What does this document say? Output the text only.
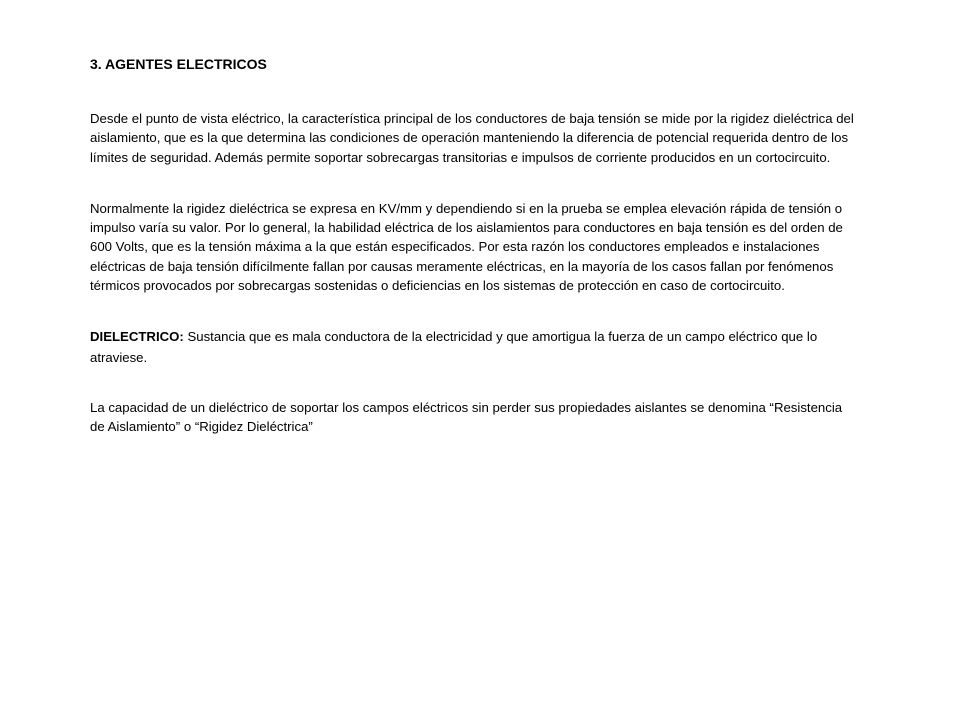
3. AGENTES ELECTRICOS

Desde el punto de vista eléctrico, la característica principal de los conductores de baja tensión se mide por la rigidez dieléctrica del aislamiento, que es la que determina las condiciones de operación manteniendo la diferencia de potencial requerida dentro de los límites de seguridad. Además permite soportar sobrecargas transitorias e impulsos de corriente producidos en un cortocircuito.

Normalmente la rigidez dieléctrica se expresa en KV/mm y dependiendo si en la prueba se emplea elevación rápida de tensión o impulso varía su valor. Por lo general, la habilidad eléctrica de los aislamientos para conductores en baja tensión es del orden de 600 Volts, que es la tensión máxima a la que están especificados. Por esta razón los conductores empleados e instalaciones eléctricas de baja tensión difícilmente fallan por causas meramente eléctricas, en la mayoría de los casos fallan por fenómenos térmicos provocados por sobrecargas sostenidas o deficiencias en los sistemas de protección en caso de cortocircuito.

DIELECTRICO: Sustancia que es mala conductora de la electricidad y que amortigua la fuerza de un campo eléctrico que lo atraviese.

La capacidad de un dieléctrico de soportar los campos eléctricos sin perder sus propiedades aislantes se denomina “Resistencia de Aislamiento” o “Rigidez Dieléctrica”
